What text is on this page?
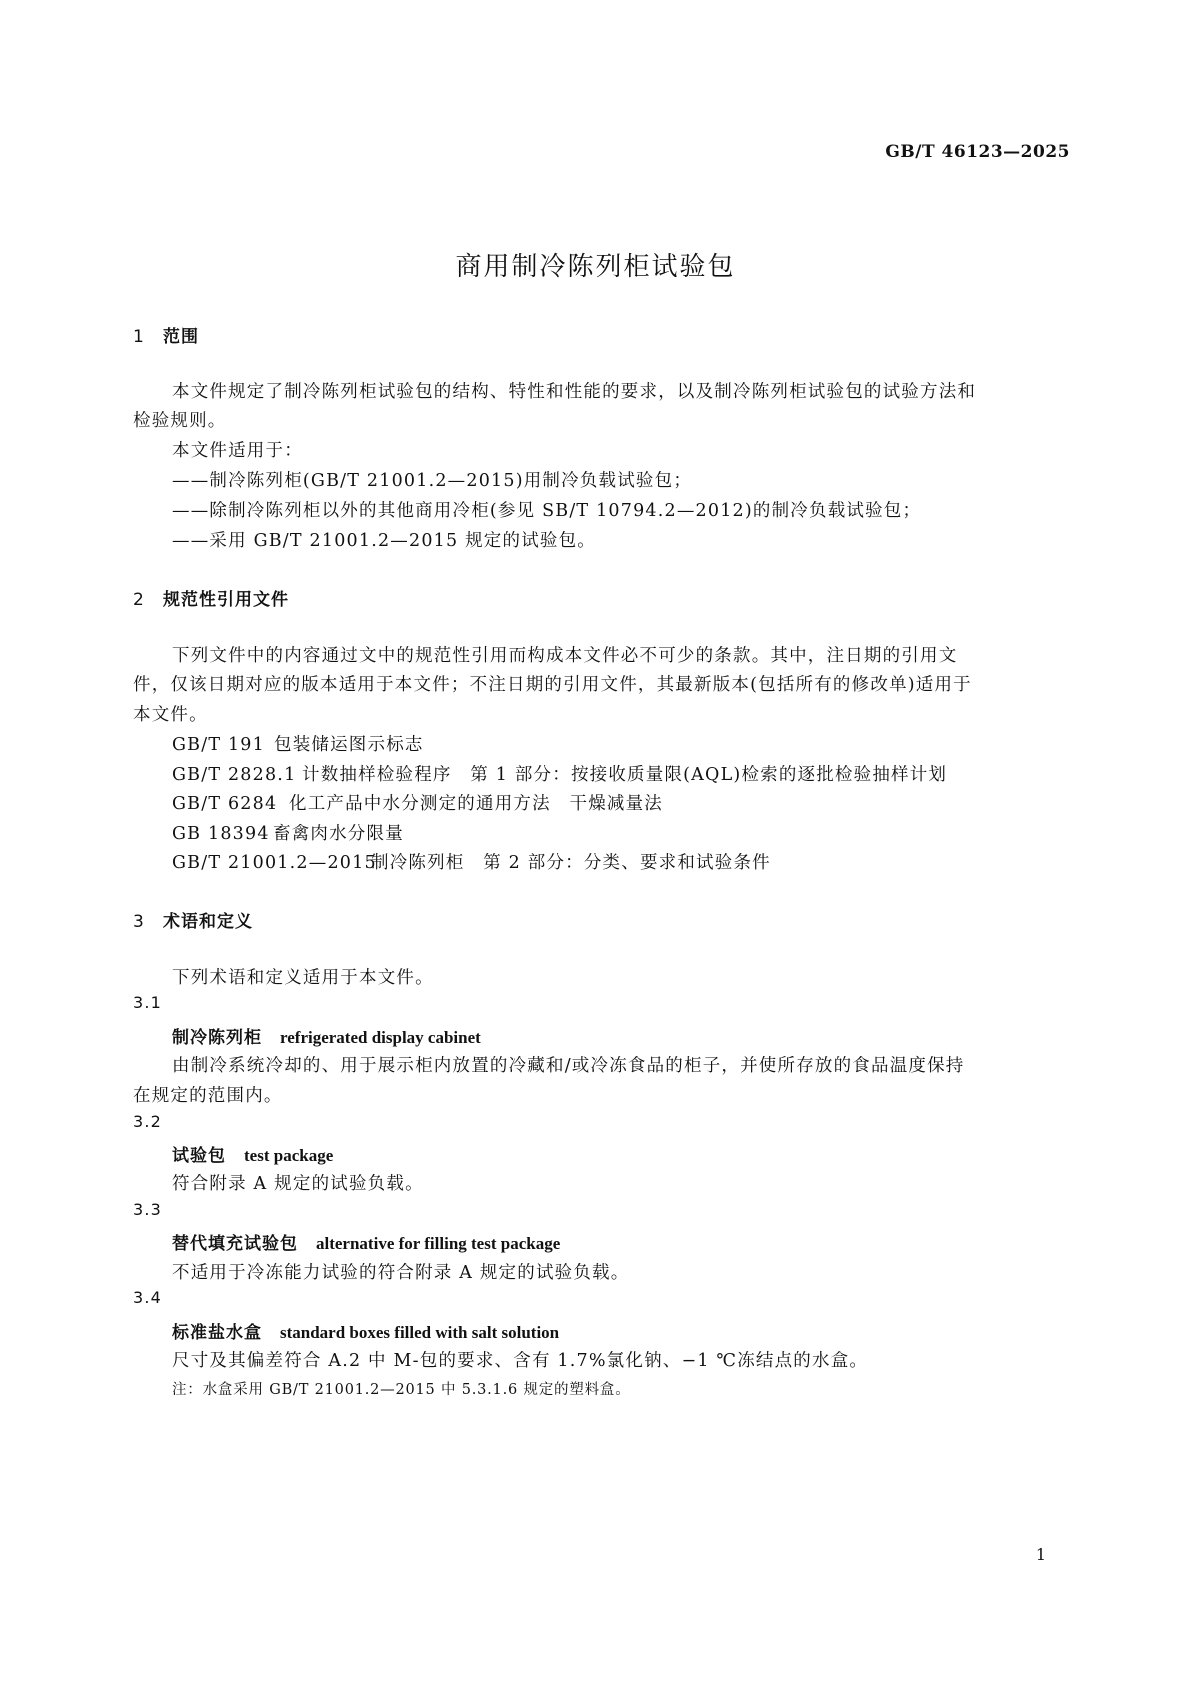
GB/T 46123—2025
商用制冷陈列柜试验包
1 范围
本文件规定了制冷陈列柜试验包的结构、特性和性能的要求，以及制冷陈列柜试验包的试验方法和
检验规则。
本文件适用于：
——制冷陈列柜(GB/T 21001.2—2015)用制冷负载试验包；
——除制冷陈列柜以外的其他商用冷柜(参见 SB/T 10794.2—2012)的制冷负载试验包；
——采用 GB/T 21001.2—2015 规定的试验包。
2 规范性引用文件
下列文件中的内容通过文中的规范性引用而构成本文件必不可少的条款。其中，注日期的引用文
件，仅该日期对应的版本适用于本文件；不注日期的引用文件，其最新版本(包括所有的修改单)适用于
本文件。
GB/T 191 包装储运图示标志
GB/T 2828.1 计数抽样检验程序　第 1 部分：按接收质量限(AQL)检索的逐批检验抽样计划
GB/T 6284 化工产品中水分测定的通用方法　干燥减量法
GB 18394 畜禽肉水分限量
GB/T 21001.2—2015制冷陈列柜　第 2 部分：分类、要求和试验条件
3 术语和定义
下列术语和定义适用于本文件。
3.1
制冷陈列柜 refrigerated display cabinet
由制冷系统冷却的、用于展示柜内放置的冷藏和/或冷冻食品的柜子，并使所存放的食品温度保持
在规定的范围内。
3.2
试验包 test package
符合附录 A 规定的试验负载。
3.3
替代填充试验包 alternative for filling test package
不适用于冷冻能力试验的符合附录 A 规定的试验负载。
3.4
标准盐水盒 standard boxes filled with salt solution
尺寸及其偏差符合 A.2 中 M-包的要求、含有 1.7%氯化钠、−1 ℃冻结点的水盒。
注：水盒采用 GB/T 21001.2—2015 中 5.3.1.6 规定的塑料盒。
1
